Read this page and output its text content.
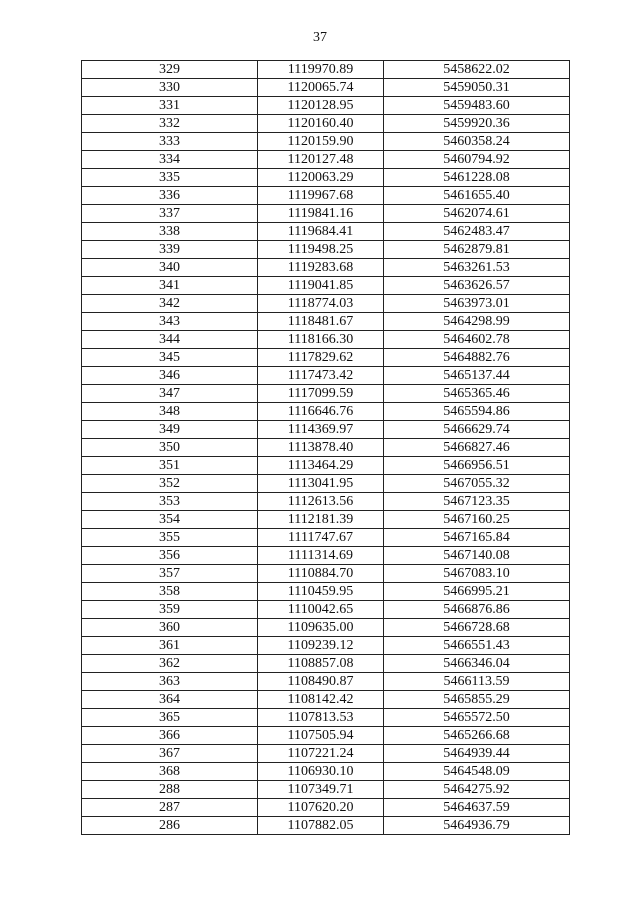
37
329	1119970.89	5458622.02
330	1120065.74	5459050.31
331	1120128.95	5459483.60
332	1120160.40	5459920.36
333	1120159.90	5460358.24
334	1120127.48	5460794.92
335	1120063.29	5461228.08
336	1119967.68	5461655.40
337	1119841.16	5462074.61
338	1119684.41	5462483.47
339	1119498.25	5462879.81
340	1119283.68	5463261.53
341	1119041.85	5463626.57
342	1118774.03	5463973.01
343	1118481.67	5464298.99
344	1118166.30	5464602.78
345	1117829.62	5464882.76
346	1117473.42	5465137.44
347	1117099.59	5465365.46
348	1116646.76	5465594.86
349	1114369.97	5466629.74
350	1113878.40	5466827.46
351	1113464.29	5466956.51
352	1113041.95	5467055.32
353	1112613.56	5467123.35
354	1112181.39	5467160.25
355	1111747.67	5467165.84
356	1111314.69	5467140.08
357	1110884.70	5467083.10
358	1110459.95	5466995.21
359	1110042.65	5466876.86
360	1109635.00	5466728.68
361	1109239.12	5466551.43
362	1108857.08	5466346.04
363	1108490.87	5466113.59
364	1108142.42	5465855.29
365	1107813.53	5465572.50
366	1107505.94	5465266.68
367	1107221.24	5464939.44
368	1106930.10	5464548.09
288	1107349.71	5464275.92
287	1107620.20	5464637.59
286	1107882.05	5464936.79
